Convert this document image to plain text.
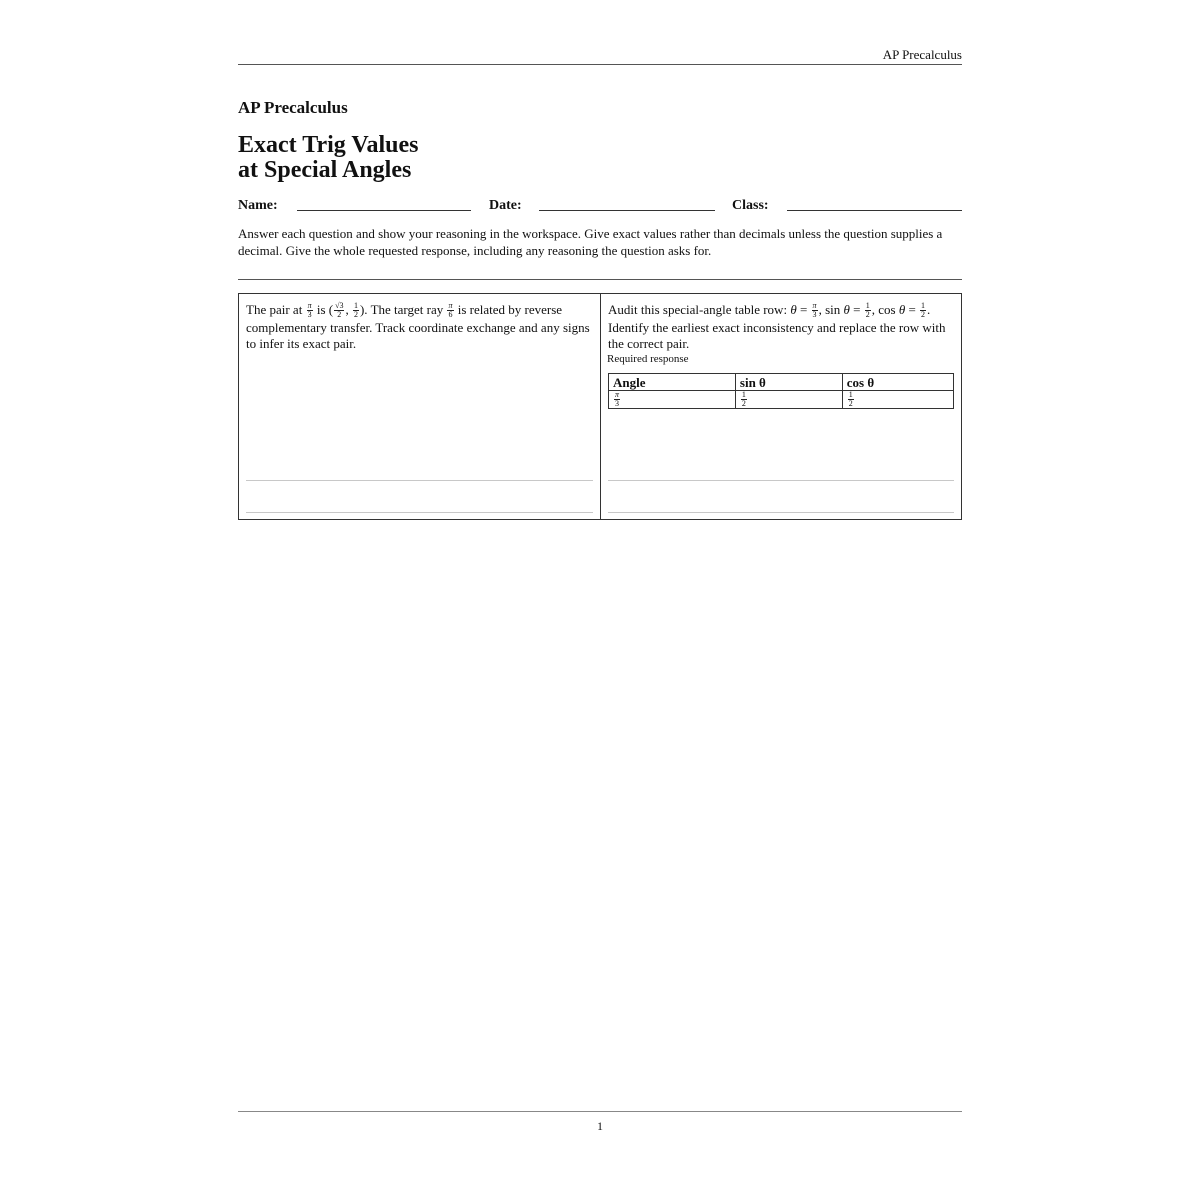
AP Precalculus
AP Precalculus
Exact Trig Values
at Special Angles
Name:	Date:	Class:
Answer each question and show your reasoning in the workspace. Give exact values rather than decimals unless the question supplies a decimal. Give the whole requested response, including any reasoning the question asks for.
The pair at $\frac{\pi}{3}$ is ( $\frac{√3}{2}$ , $\frac{1}{2}$ ). The target ray $\frac{\pi}{6}$ is related by reverse complementary transfer. Track coordinate exchange and any signs to infer its exact pair.
Audit this special-angle table row: $\theta = \frac{\pi}{3}$ , $\sin \theta = \frac{1}{2}$ , $\cos \theta = \frac{1}{2}$ . Identify the earliest exact inconsistency and replace the row with the correct pair.
Required response
Angle	sin θ	cos θ

$\frac{\pi}{3}$	$\frac{1}{2}$	$\frac{1}{2}$
1
